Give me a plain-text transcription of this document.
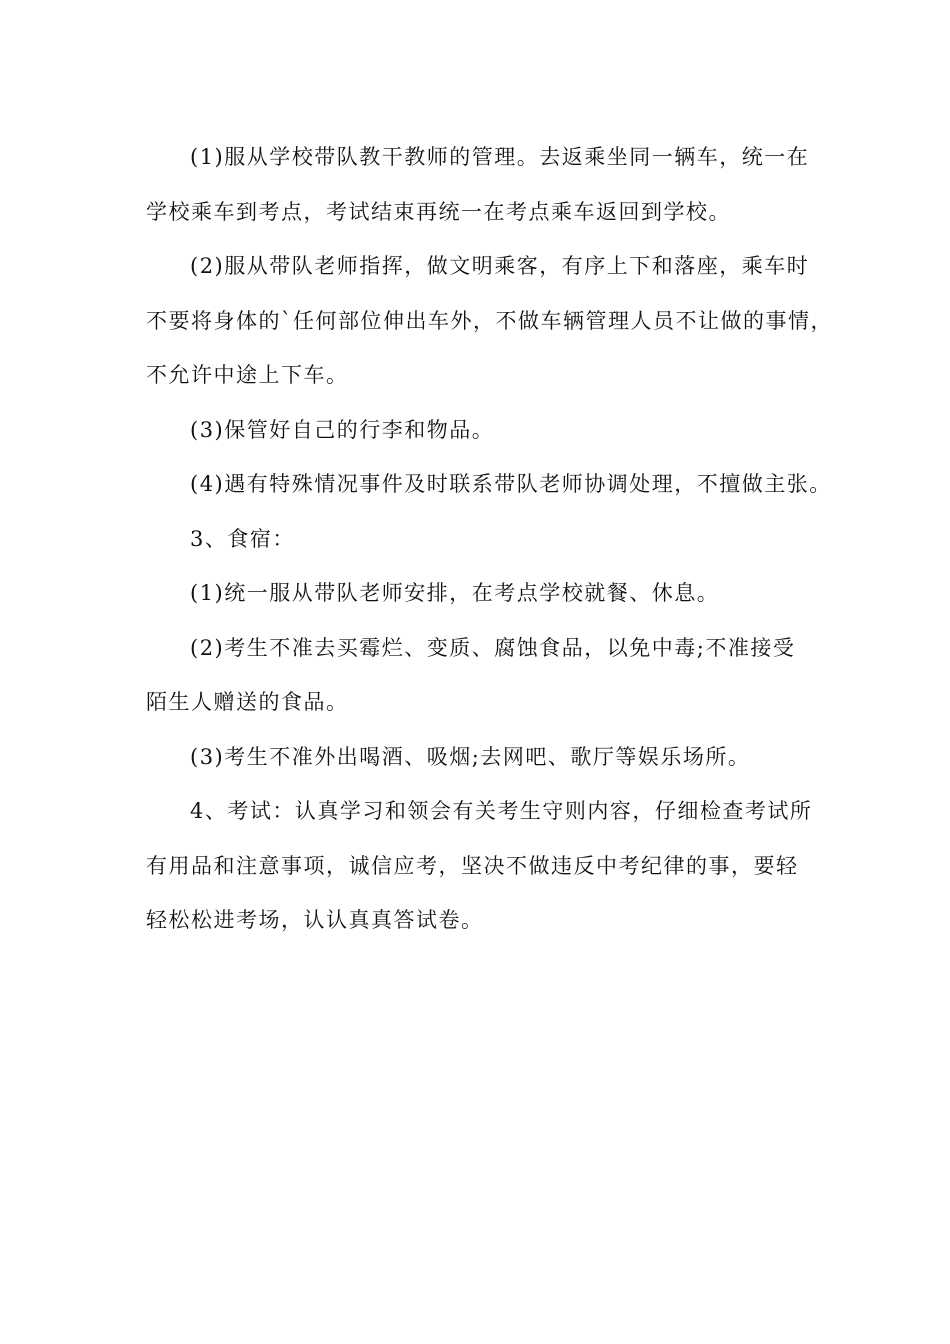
(1)服从学校带队教干教师的管理。去返乘坐同一辆车，统一在

学校乘车到考点，考试结束再统一在考点乘车返回到学校。

(2)服从带队老师指挥，做文明乘客，有序上下和落座，乘车时

不要将身体的`任何部位伸出车外，不做车辆管理人员不让做的事情，

不允许中途上下车。

(3)保管好自己的行李和物品。

(4)遇有特殊情况事件及时联系带队老师协调处理，不擅做主张。

3、食宿：

(1)统一服从带队老师安排，在考点学校就餐、休息。

(2)考生不准去买霉烂、变质、腐蚀食品，以免中毒;不准接受

陌生人赠送的食品。

(3)考生不准外出喝酒、吸烟;去网吧、歌厅等娱乐场所。

4、考试：认真学习和领会有关考生守则内容，仔细检查考试所

有用品和注意事项，诚信应考，坚决不做违反中考纪律的事，要轻

轻松松进考场，认认真真答试卷。
